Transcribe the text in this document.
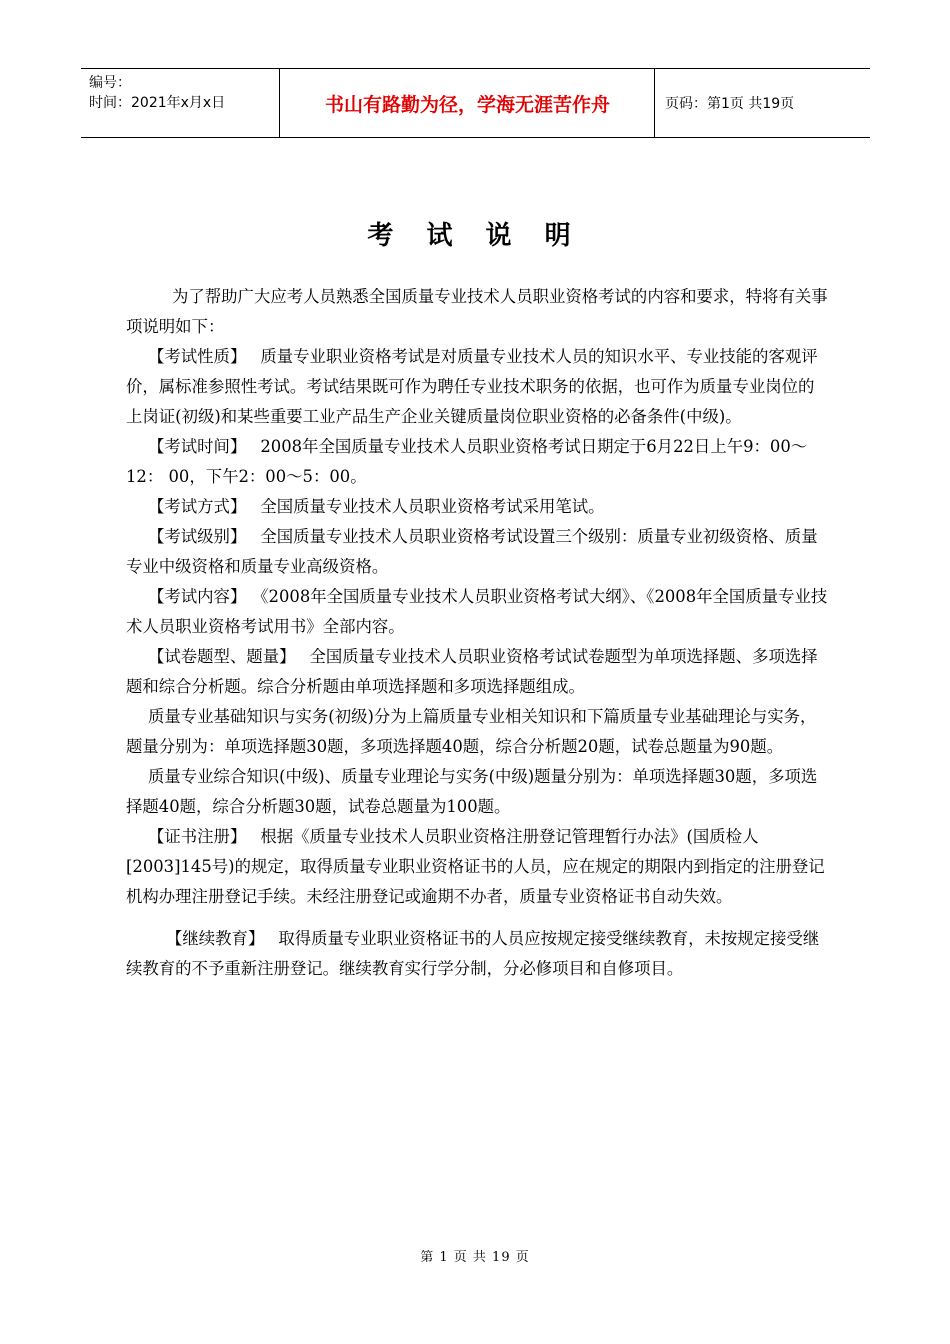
编号：
时间：2021年x月x日	书山有路勤为径，学海无涯苦作舟	页码：第1页 共19页
考 试 说 明

为了帮助广大应考人员熟悉全国质量专业技术人员职业资格考试的内容和要求，特将有关事项说明如下：

【考试性质】 质量专业职业资格考试是对质量专业技术人员的知识水平、专业技能的客观评价，属标准参照性考试。考试结果既可作为聘任专业技术职务的依据，也可作为质量专业岗位的上岗证(初级)和某些重要工业产品生产企业关键质量岗位职业资格的必备条件(中级)。

【考试时间】 2008年全国质量专业技术人员职业资格考试日期定于6月22日上午9：00～12： 00，下午2：00～5：00。

【考试方式】 全国质量专业技术人员职业资格考试采用笔试。

【考试级别】 全国质量专业技术人员职业资格考试设置三个级别：质量专业初级资格、质量专业中级资格和质量专业高级资格。

【考试内容】 《2008年全国质量专业技术人员职业资格考试大纲》、《2008年全国质量专业技术人员职业资格考试用书》全部内容。

【试卷题型、题量】 全国质量专业技术人员职业资格考试试卷题型为单项选择题、多项选择题和综合分析题。综合分析题由单项选择题和多项选择题组成。

质量专业基础知识与实务(初级)分为上篇质量专业相关知识和下篇质量专业基础理论与实务，题量分别为：单项选择题30题，多项选择题40题，综合分析题20题，试卷总题量为90题。

质量专业综合知识(中级)、质量专业理论与实务(中级)题量分别为：单项选择题30题，多项选择题40题，综合分析题30题，试卷总题量为100题。

【证书注册】 根据《质量专业技术人员职业资格注册登记管理暂行办法》(国质检人[2003]145号)的规定，取得质量专业职业资格证书的人员，应在规定的期限内到指定的注册登记机构办理注册登记手续。未经注册登记或逾期不办者，质量专业资格证书自动失效。

【继续教育】 取得质量专业职业资格证书的人员应按规定接受继续教育，未按规定接受继续教育的不予重新注册登记。继续教育实行学分制，分必修项目和自修项目。

第 1 页 共 19 页
